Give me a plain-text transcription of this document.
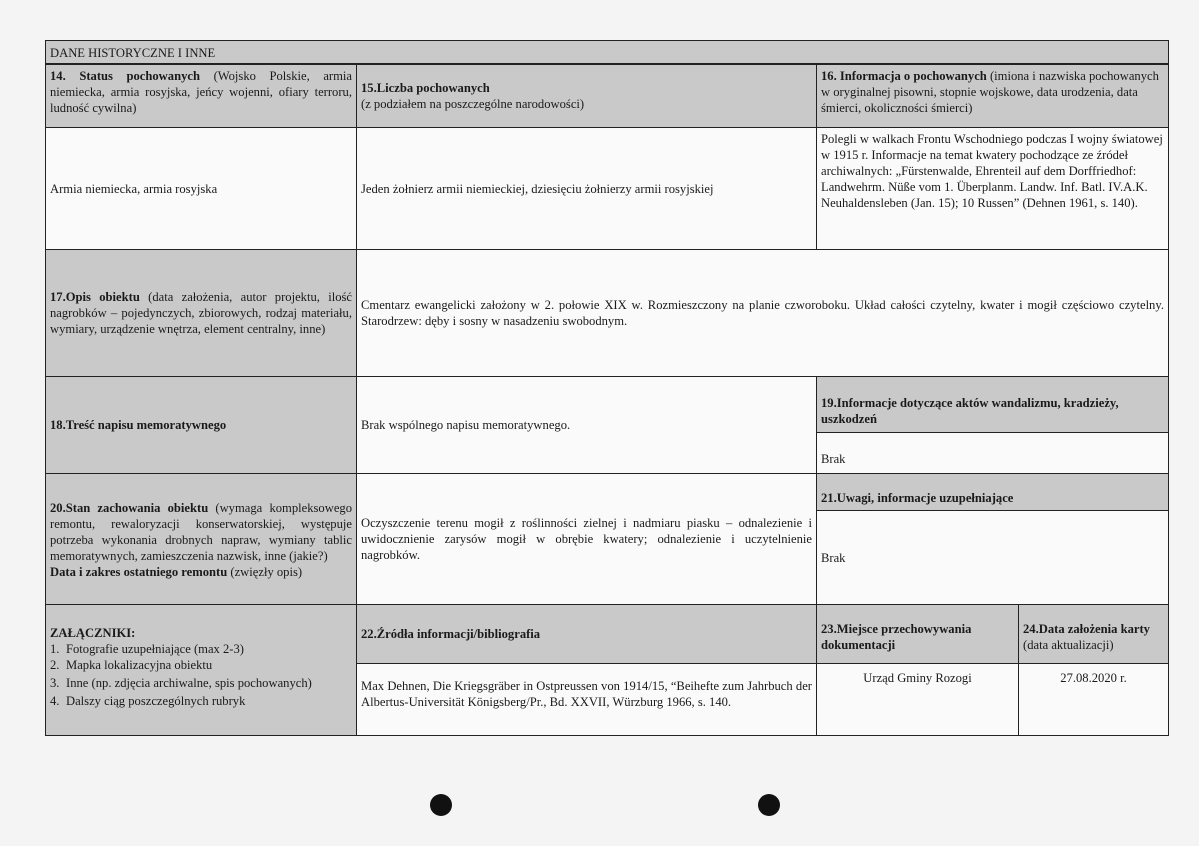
DANE HISTORYCZNE I INNE
14. Status pochowanych (Wojsko Polskie, armia niemiecka, armia rosyjska, jeńcy wojenni, ofiary terroru, ludność cywilna)
15.Liczba pochowanych
(z podziałem na poszczególne narodowości)
16. Informacja o pochowanych (imiona i nazwiska pochowanych w oryginalnej pisowni, stopnie wojskowe, data urodzenia, data śmierci, okoliczności śmierci)
Armia niemiecka, armia rosyjska	Jeden żołnierz armii niemieckiej, dziesięciu żołnierzy armii rosyjskiej
Polegli w walkach Frontu Wschodniego podczas I wojny światowej w 1915 r. Informacje na temat kwatery pochodzące ze źródeł archiwalnych: „Fürstenwalde, Ehrenteil auf dem Dorffriedhof: Landwehrm. Nüße vom 1. Überplanm. Landw. Inf. Batl. IV.A.K. Neuhaldensleben (Jan. 15); 10 Russen” (Dehnen 1961, s. 140).
17.Opis obiektu (data założenia, autor projektu, ilość nagrobków – pojedynczych, zbiorowych, rodzaj materiału, wymiary, urządzenie wnętrza, element centralny, inne)
Cmentarz ewangelicki założony w 2. połowie XIX w. Rozmieszczony na planie czworoboku. Układ całości czytelny, kwater i mogił częściowo czytelny. Starodrzew: dęby i sosny w nasadzeniu swobodnym.
18.Treść napisu memoratywnego	Brak wspólnego napisu memoratywnego.
19.Informacje dotyczące aktów wandalizmu, kradzieży, uszkodzeń
Brak
20.Stan zachowania obiektu (wymaga kompleksowego remontu, rewaloryzacji konserwatorskiej, występuje potrzeba wykonania drobnych napraw, wymiany tablic memoratywnych, zamieszczenia nazwisk, inne (jakie?)
Data i zakres ostatniego remontu (zwięzły opis)
Oczyszczenie terenu mogił z roślinności zielnej i nadmiaru piasku – odnalezienie i uwidocznienie zarysów mogił w obrębie kwatery; odnalezienie i uczytelnienie nagrobków.
21.Uwagi, informacje uzupełniające
Brak
ZAŁĄCZNIKI:
1. Fotografie uzupełniające (max 2-3)
2. Mapka lokalizacyjna obiektu
3. Inne (np. zdjęcia archiwalne, spis pochowanych)
4. Dalszy ciąg poszczególnych rubryk
22.Źródła informacji/bibliografia
Max Dehnen, Die Kriegsgräber in Ostpreussen von 1914/15, “Beihefte zum Jahrbuch der Albertus-Universität Königsberg/Pr., Bd. XXVII, Würzburg 1966, s. 140.
23.Miejsce przechowywania dokumentacji
Urząd Gminy Rozogi
24.Data założenia karty (data aktualizacji)
27.08.2020 r.
